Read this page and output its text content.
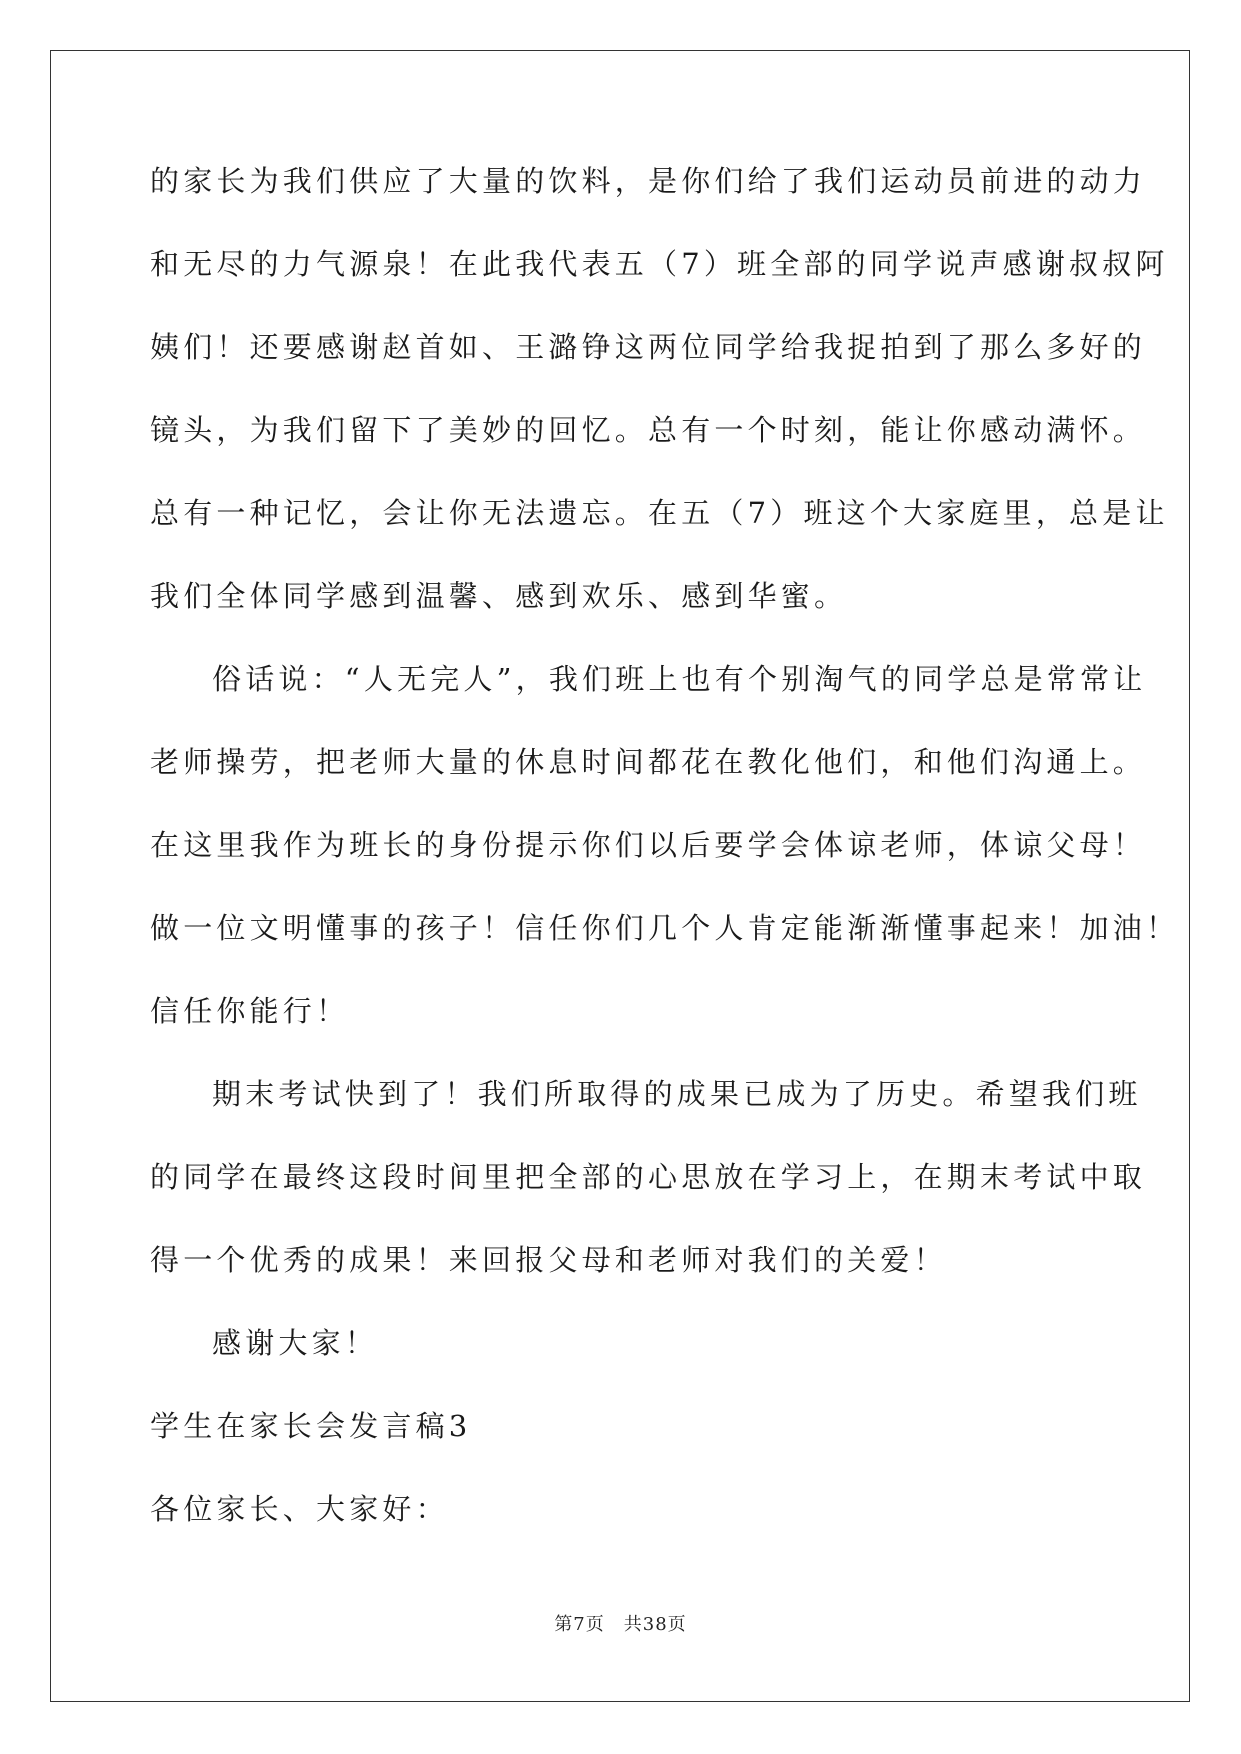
的家长为我们供应了大量的饮料，是你们给了我们运动员前进的动力
和无尽的力气源泉！在此我代表五（7）班全部的同学说声感谢叔叔阿
姨们！还要感谢赵首如、王潞铮这两位同学给我捉拍到了那么多好的
镜头，为我们留下了美妙的回忆。总有一个时刻，能让你感动满怀。
总有一种记忆，会让你无法遗忘。在五（7）班这个大家庭里，总是让
我们全体同学感到温馨、感到欢乐、感到华蜜。
俗话说：“人无完人”，我们班上也有个别淘气的同学总是常常让
老师操劳，把老师大量的休息时间都花在教化他们，和他们沟通上。
在这里我作为班长的身份提示你们以后要学会体谅老师，体谅父母！
做一位文明懂事的孩子！信任你们几个人肯定能渐渐懂事起来！加油！
信任你能行！
期末考试快到了！我们所取得的成果已成为了历史。希望我们班
的同学在最终这段时间里把全部的心思放在学习上，在期末考试中取
得一个优秀的成果！来回报父母和老师对我们的关爱！
感谢大家！
学生在家长会发言稿3
各位家长、大家好：
第7页　共38页
